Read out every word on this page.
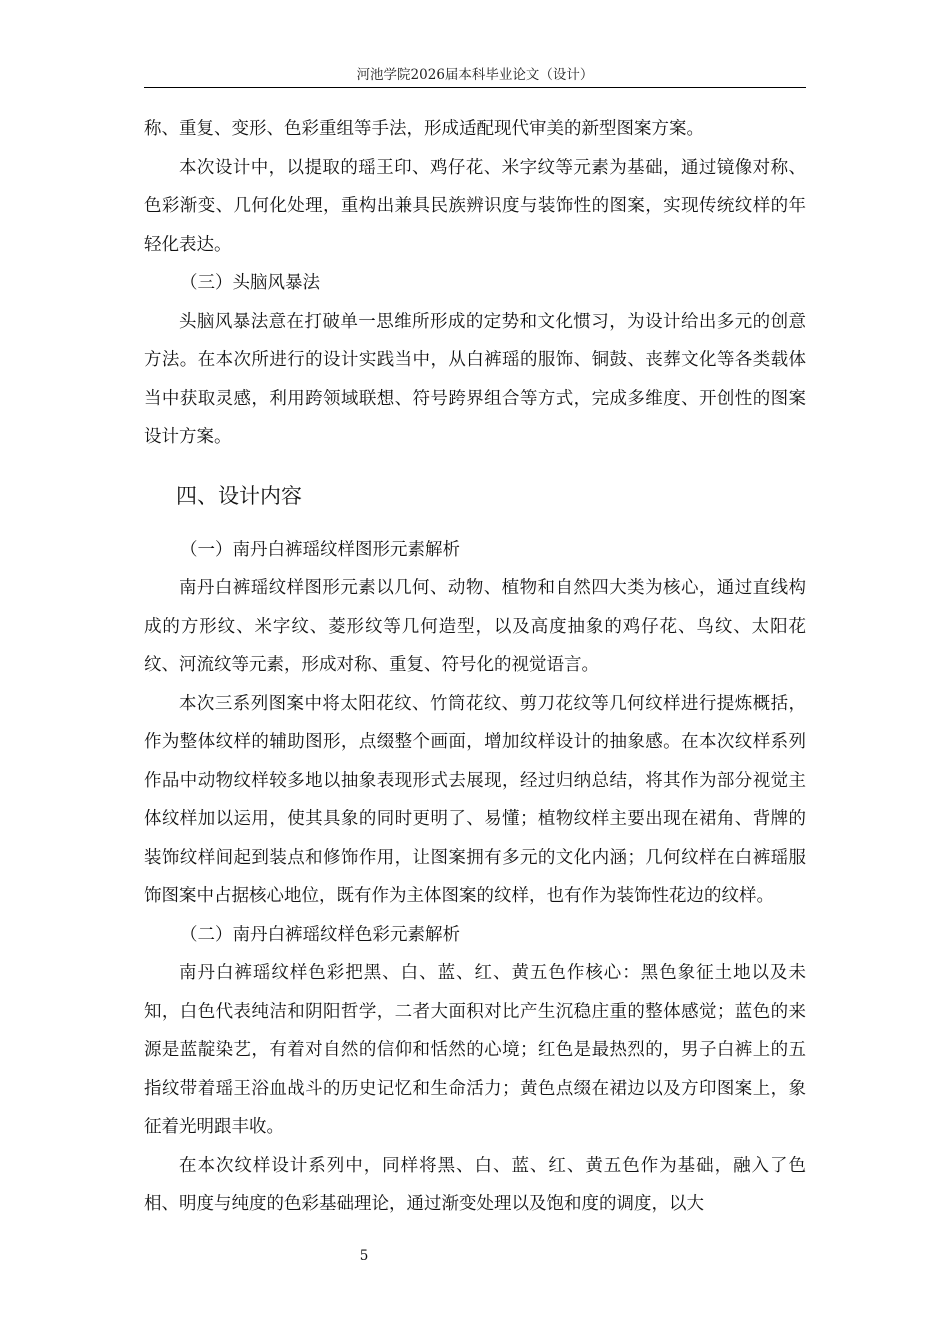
河池学院2026届本科毕业论文（设计）

称、重复、变形、色彩重组等手法，形成适配现代审美的新型图案方案。

本次设计中，以提取的瑶王印、鸡仔花、米字纹等元素为基础，通过镜像对称、色彩渐变、几何化处理，重构出兼具民族辨识度与装饰性的图案，实现传统纹样的年轻化表达。

（三）头脑风暴法

头脑风暴法意在打破单一思维所形成的定势和文化惯习，为设计给出多元的创意方法。在本次所进行的设计实践当中，从白裤瑶的服饰、铜鼓、丧葬文化等各类载体当中获取灵感，利用跨领域联想、符号跨界组合等方式，完成多维度、开创性的图案设计方案。

四、设计内容

（一）南丹白裤瑶纹样图形元素解析

南丹白裤瑶纹样图形元素以几何、动物、植物和自然四大类为核心，通过直线构成的方形纹、米字纹、菱形纹等几何造型，以及高度抽象的鸡仔花、鸟纹、太阳花纹、河流纹等元素，形成对称、重复、符号化的视觉语言。

本次三系列图案中将太阳花纹、竹筒花纹、剪刀花纹等几何纹样进行提炼概括，作为整体纹样的辅助图形，点缀整个画面，增加纹样设计的抽象感。在本次纹样系列作品中动物纹样较多地以抽象表现形式去展现，经过归纳总结，将其作为部分视觉主体纹样加以运用，使其具象的同时更明了、易懂；植物纹样主要出现在裙角、背牌的装饰纹样间起到装点和修饰作用，让图案拥有多元的文化内涵；几何纹样在白裤瑶服饰图案中占据核心地位，既有作为主体图案的纹样，也有作为装饰性花边的纹样。

（二）南丹白裤瑶纹样色彩元素解析

南丹白裤瑶纹样色彩把黑、白、蓝、红、黄五色作核心：黑色象征土地以及未知，白色代表纯洁和阴阳哲学，二者大面积对比产生沉稳庄重的整体感觉；蓝色的来源是蓝靛染艺，有着对自然的信仰和恬然的心境；红色是最热烈的，男子白裤上的五指纹带着瑶王浴血战斗的历史记忆和生命活力；黄色点缀在裙边以及方印图案上，象征着光明跟丰收。

在本次纹样设计系列中，同样将黑、白、蓝、红、黄五色作为基础，融入了色相、明度与纯度的色彩基础理论，通过渐变处理以及饱和度的调度，以大

5
